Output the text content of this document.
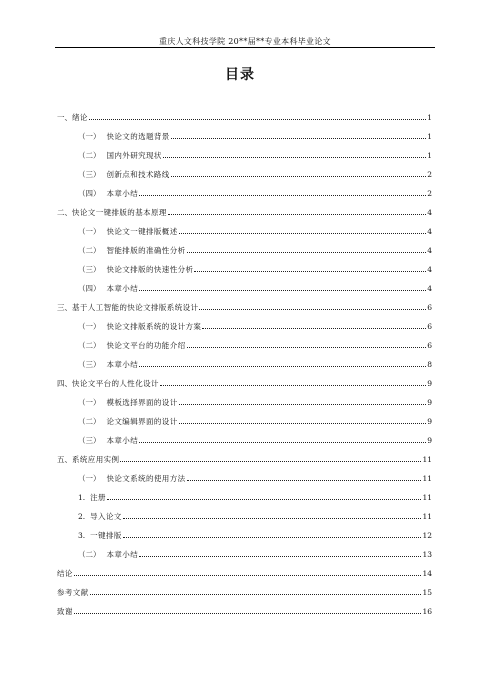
重庆人文科技学院 20**届**专业本科毕业论文
目录
一、 绪论	1
（一） 快论文的选题背景	1
（二） 国内外研究现状	1
（三） 创新点和技术路线	2
（四） 本章小结	2
二、 快论文一键排版的基本原理	4
（一） 快论文一键排版概述	4
（二） 智能排版的准确性分析	4
（三） 快论文排版的快速性分析	4
（四） 本章小结	4
三、 基于人工智能的快论文排版系统设计	6
（一） 快论文排版系统的设计方案	6
（二） 快论文平台的功能介绍	6
（三） 本章小结	8
四、 快论文平台的人性化设计	9
（一） 模板选择界面的设计	9
（二） 论文编辑界面的设计	9
（三） 本章小结	9
五、 系统应用实例	11
（一） 快论文系统的使用方法	11
1. 注册	11
2. 导入论文	11
3. 一键排版	12
（二） 本章小结	13
结论	14
参考文献	15
致谢	16
